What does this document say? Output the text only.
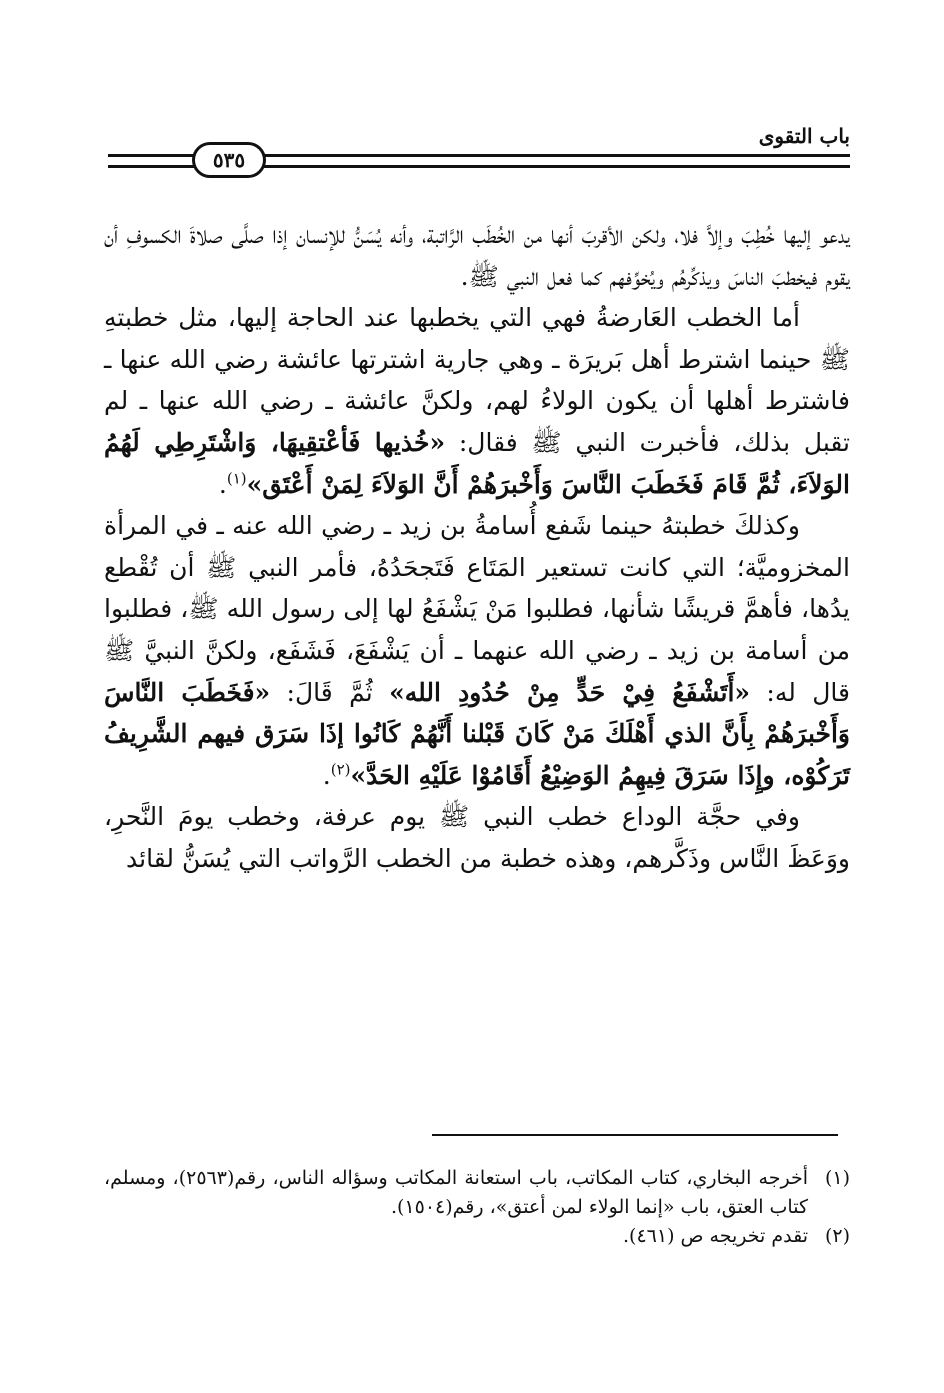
باب التقوى
٥٣٥

يدعو إليها خُطِبَ وإلاَّ فلا، ولكن الأقربَ أنها من الخُطَب الرَّاتبة، وأنه يُسَنُّ للإنسان إذا صلَّى صلاةَ الكسوفِ أن يقوم فيخطبَ الناسَ ويذكِّرهُم ويُخوِّفهم كما فعل النبي ﷺ.

أما الخطب العَارضةُ فهي التي يخطبها عند الحاجة إليها، مثل خطبتهِ ﷺ حينما اشترط أهل بَريرَة ـ وهي جارية اشترتها عائشة رضي الله عنها ـ فاشترط أهلها أن يكون الولاءُ لهم، ولكنَّ عائشة ـ رضي الله عنها ـ لم تقبل بذلك، فأخبرت النبي ﷺ فقال: «خُذيها فَأعْتقِيهَا، وَاشْتَرِطِي لَهُمُ الوَلاَءَ، ثُمَّ قَامَ فَخَطَبَ النَّاسَ وَأَخْبرَهُمْ أَنَّ الوَلاَءَ لِمَنْ أَعْتَق»$^{(١)}$.

وكذلكَ خطبتهُ حينما شَفع أُسامةُ بن زيد ـ رضي الله عنه ـ في المرأة المخزوميَّة؛ التي كانت تستعير المَتَاع فَتَجحَدُهُ، فأمر النبي ﷺ أن تُقْطع يدُها، فأهمَّ قريشًا شأنها، فطلبوا مَنْ يَشْفَعُ لها إلى رسول الله ﷺ، فطلبوا من أسامة بن زيد ـ رضي الله عنهما ـ أن يَشْفَعَ، فَشَفَع، ولكنَّ النبيَّ ﷺ قال له: «أَتَشْفَعُ فِيْ حَدٍّ مِنْ حُدُودِ الله» ثُمَّ قَالَ: «فَخَطَبَ النَّاسَ وَأَخْبرَهُمْ بِأَنَّ الذي أَهْلَكَ مَنْ كَانَ قَبْلنا أَنَّهُمْ كَانُوا إذَا سَرَق فيهم الشَّرِيفُ تَرَكُوْه، وإِذَا سَرَقَ فِيهِمُ الوَضِيْعُ أَقَامُوْا عَلَيْهِ الحَدَّ»$^{(٢)}$.

وفي حجَّة الوداع خطب النبي ﷺ يوم عرفة، وخطب يومَ النَّحرِ، ووَعَظَ النَّاس وذَكَّرهم، وهذه خطبة من الخطب الرَّواتب التي يُسَنُّ لقائد

(١)
أخرجه البخاري، كتاب المكاتب، باب استعانة المكاتب وسؤاله الناس، رقم(٢٥٦٣)، ومسلم، كتاب العتق، باب «إنما الولاء لمن أعتق»، رقم(١٥٠٤).
(٢)
تقدم تخريجه ص (٤٦١).
